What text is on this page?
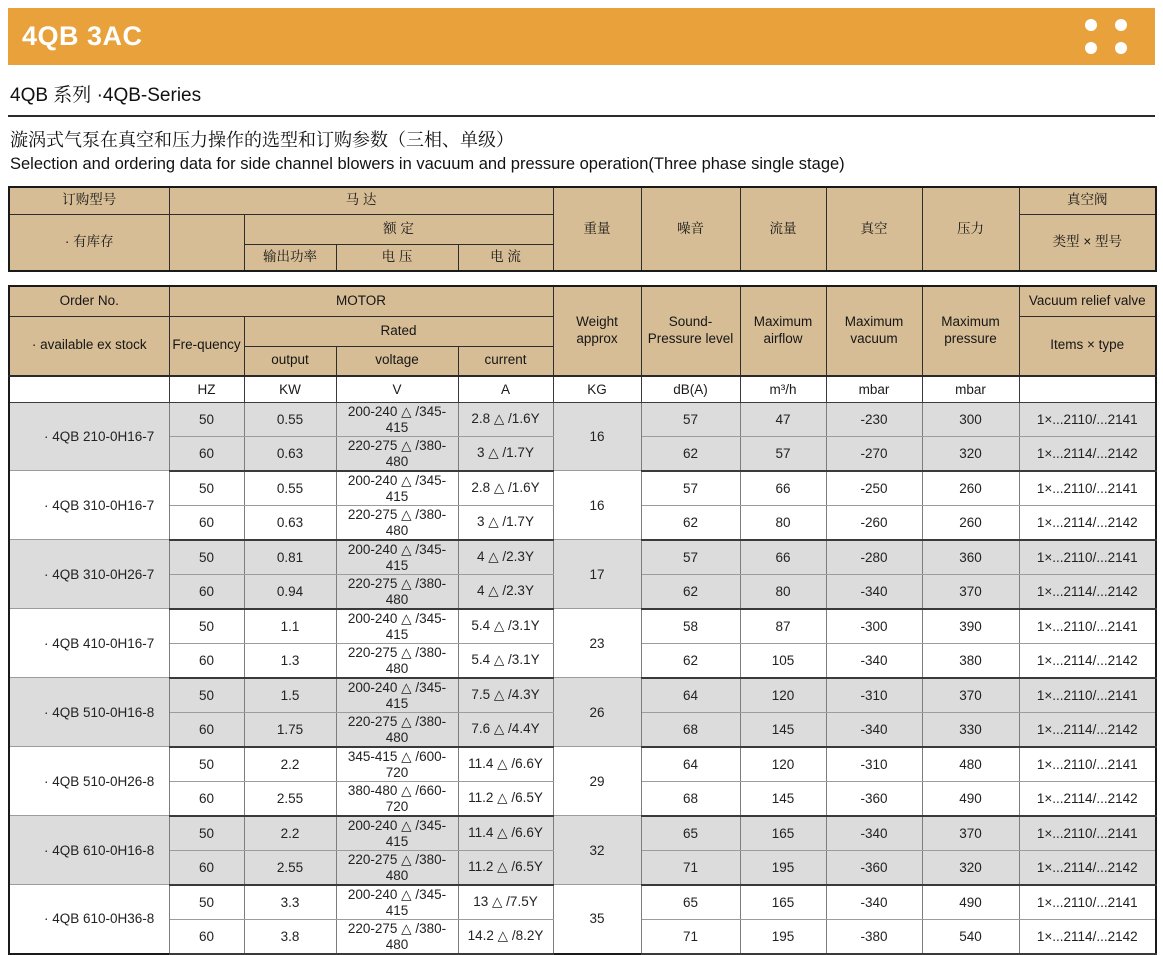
4QB 3AC
4QB 系列 ·4QB-Series
漩涡式气泵在真空和压力操作的选型和订购参数（三相、单级）
Selection and ordering data for side channel blowers in vacuum and pressure operation(Three phase single stage)
订购型号	马 达				重量	噪音	流量	真空	压力	真空阀
· 有库存		额 定								类型 × 型号
		输出功率	电 压	电 流						
Order No.	MOTOR				Weight approx	Sound-Pressure level	Maximum airflow	Maximum vacuum	Maximum pressure	Vacuum relief valve
· available ex stock	Fre-quency	Rated								Items × type
		output	voltage	current						
	HZ	KW	V	A	KG	dB(A)	m³/h	mbar	mbar	
· 4QB 210-0H16-7	50	0.55	200-240 △ /345-415	2.8 △ /1.6Y	16	57	47	-230	300	1×...2110/...2141
	60	0.63	220-275 △ /380-480	3 △ /1.7Y		62	57	-270	320	1×...2114/...2142
· 4QB 310-0H16-7	50	0.55	200-240 △ /345-415	2.8 △ /1.6Y	16	57	66	-250	260	1×...2110/...2141
	60	0.63	220-275 △ /380-480	3 △ /1.7Y		62	80	-260	260	1×...2114/...2142
· 4QB 310-0H26-7	50	0.81	200-240 △ /345-415	4 △ /2.3Y	17	57	66	-280	360	1×...2110/...2141
	60	0.94	220-275 △ /380-480	4 △ /2.3Y		62	80	-340	370	1×...2114/...2142
· 4QB 410-0H16-7	50	1.1	200-240 △ /345-415	5.4 △ /3.1Y	23	58	87	-300	390	1×...2110/...2141
	60	1.3	220-275 △ /380-480	5.4 △ /3.1Y		62	105	-340	380	1×...2114/...2142
· 4QB 510-0H16-8	50	1.5	200-240 △ /345-415	7.5 △ /4.3Y	26	64	120	-310	370	1×...2110/...2141
	60	1.75	220-275 △ /380-480	7.6 △ /4.4Y		68	145	-340	330	1×...2114/...2142
· 4QB 510-0H26-8	50	2.2	345-415 △ /600-720	11.4 △ /6.6Y	29	64	120	-310	480	1×...2110/...2141
	60	2.55	380-480 △ /660-720	11.2 △ /6.5Y		68	145	-360	490	1×...2114/...2142
· 4QB 610-0H16-8	50	2.2	200-240 △ /345-415	11.4 △ /6.6Y	32	65	165	-340	370	1×...2110/...2141
	60	2.55	220-275 △ /380-480	11.2 △ /6.5Y		71	195	-360	320	1×...2114/...2142
· 4QB 610-0H36-8	50	3.3	200-240 △ /345-415	13 △ /7.5Y	35	65	165	-340	490	1×...2110/...2141
	60	3.8	220-275 △ /380-480	14.2 △ /8.2Y		71	195	-380	540	1×...2114/...2142
